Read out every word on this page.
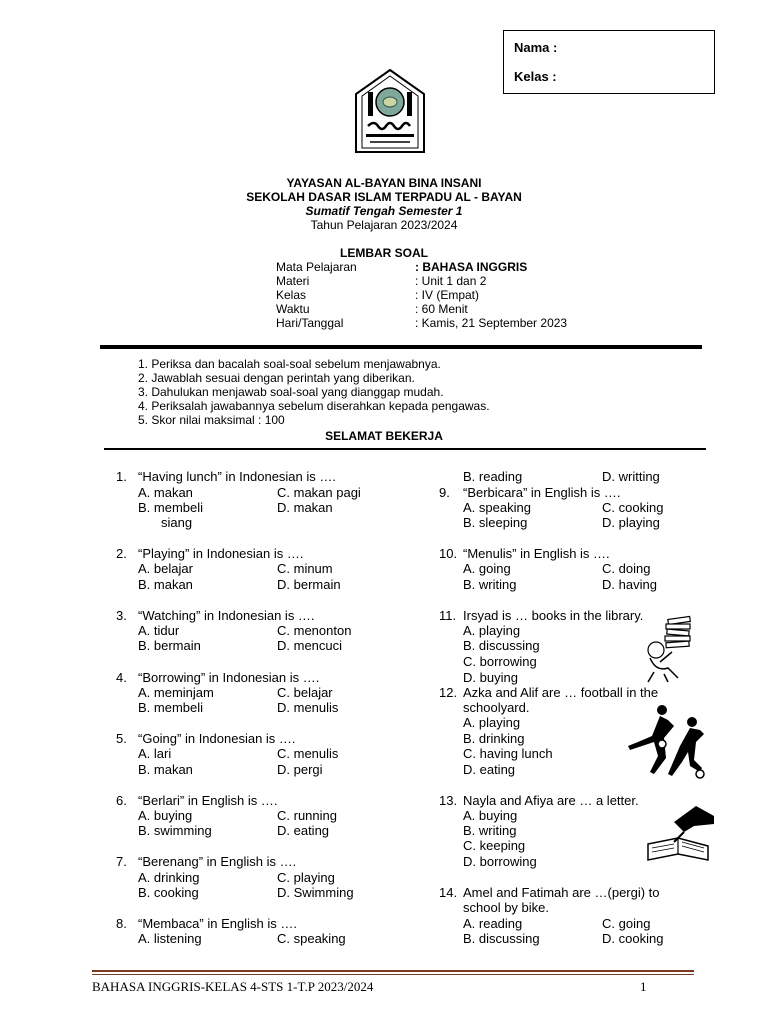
Nama :
Kelas :
YAYASAN AL-BAYAN BINA INSANI
SEKOLAH DASAR ISLAM TERPADU AL - BAYAN
Sumatif Tengah Semester 1
Tahun Pelajaran 2023/2024
LEMBAR SOAL
Mata Pelajaran	: BAHASA INGGRIS
Materi	: Unit 1 dan 2
Kelas	: IV (Empat)
Waktu	: 60 Menit
Hari/Tanggal	: Kamis, 21 September 2023
1. Periksa dan bacalah soal-soal sebelum menjawabnya.
2. Jawablah sesuai dengan perintah yang diberikan.
3. Dahulukan menjawab soal-soal yang dianggap mudah.
4. Periksalah jawabannya sebelum diserahkan kepada pengawas.
5. Skor nilai maksimal : 100
SELAMAT BEKERJA
1. “Having lunch” in Indonesian is ….
A. makan	C. makan pagi
B. membeli	D. makan
siang
2. “Playing” in Indonesian is ….
A. belajar	C. minum
B. makan	D. bermain
3. “Watching” in Indonesian is ….
A. tidur	C. menonton
B. bermain	D. mencuci
4. “Borrowing” in Indonesian is ….
A. meminjam	C. belajar
B. membeli	D. menulis
5. “Going” in Indonesian is ….
A. lari	C. menulis
B. makan	D. pergi
6. “Berlari” in English is ….
A. buying	C. running
B. swimming	D. eating
7. “Berenang” in English is ….
A. drinking	C. playing
B. cooking	D. Swimming
8. “Membaca” in English is ….
A. listening	C. speaking
B. reading	D. writting
9. “Berbicara” in English is ….
A. speaking	C. cooking
B. sleeping	D. playing
10. “Menulis” in English is ….
A. going	C. doing
B. writing	D. having
11. Irsyad is … books in the library.
A. playing
B. discussing
C. borrowing
D. buying
12. Azka and Alif are … football in the
schoolyard.
A. playing
B. drinking
C. having lunch
D. eating
13. Nayla and Afiya are … a letter.
A. buying
B. writing
C. keeping
D. borrowing
14. Amel and Fatimah are …(pergi) to
school by bike.
A. reading	C. going
B. discussing	D. cooking
BAHASA INGGRIS-KELAS 4-STS 1-T.P 2023/2024	1
